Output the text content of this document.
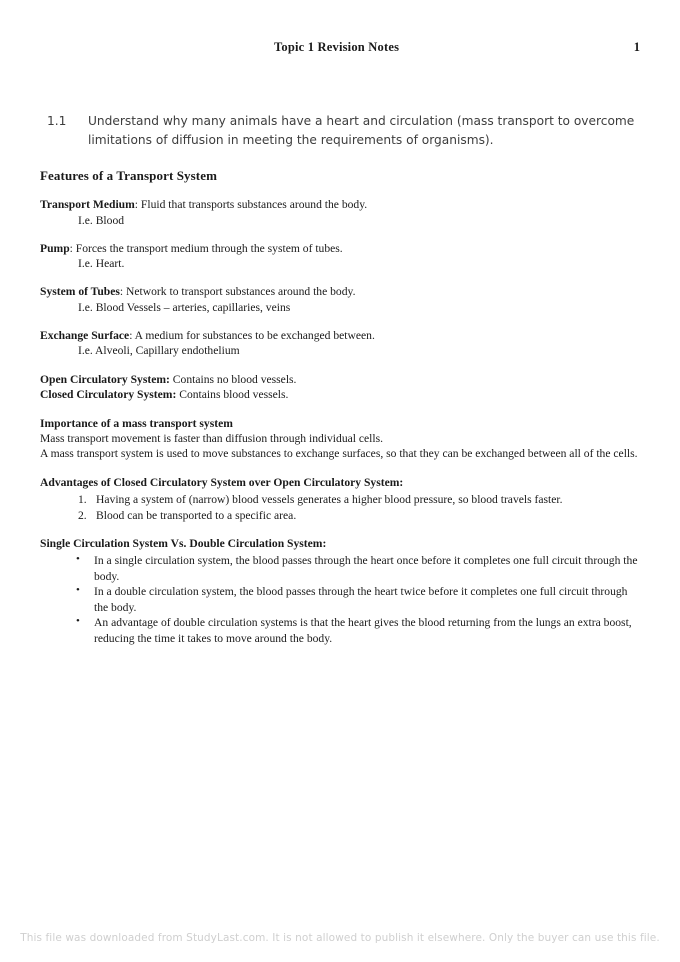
Topic 1 Revision Notes	1
1.1 Understand why many animals have a heart and circulation (mass transport to overcome limitations of diffusion in meeting the requirements of organisms).
Features of a Transport System
Transport Medium: Fluid that transports substances around the body.
I.e. Blood
Pump: Forces the transport medium through the system of tubes.
I.e. Heart.
System of Tubes: Network to transport substances around the body.
I.e. Blood Vessels – arteries, capillaries, veins
Exchange Surface: A medium for substances to be exchanged between.
I.e. Alveoli, Capillary endothelium
Open Circulatory System: Contains no blood vessels.
Closed Circulatory System: Contains blood vessels.
Importance of a mass transport system

Mass transport movement is faster than diffusion through individual cells.

A mass transport system is used to move substances to exchange surfaces, so that they can be exchanged between all of the cells.

Advantages of Closed Circulatory System over Open Circulatory System:
1. Having a system of (narrow) blood vessels generates a higher blood pressure, so blood travels faster.
2. Blood can be transported to a specific area.
Single Circulation System Vs. Double Circulation System:
• In a single circulation system, the blood passes through the heart once before it completes one full circuit through the body.
• In a double circulation system, the blood passes through the heart twice before it completes one full circuit through the body.
• An advantage of double circulation systems is that the heart gives the blood returning from the lungs an extra boost, reducing the time it takes to move around the body.
This file was downloaded from StudyLast.com. It is not allowed to publish it elsewhere. Only the buyer can use this file.
